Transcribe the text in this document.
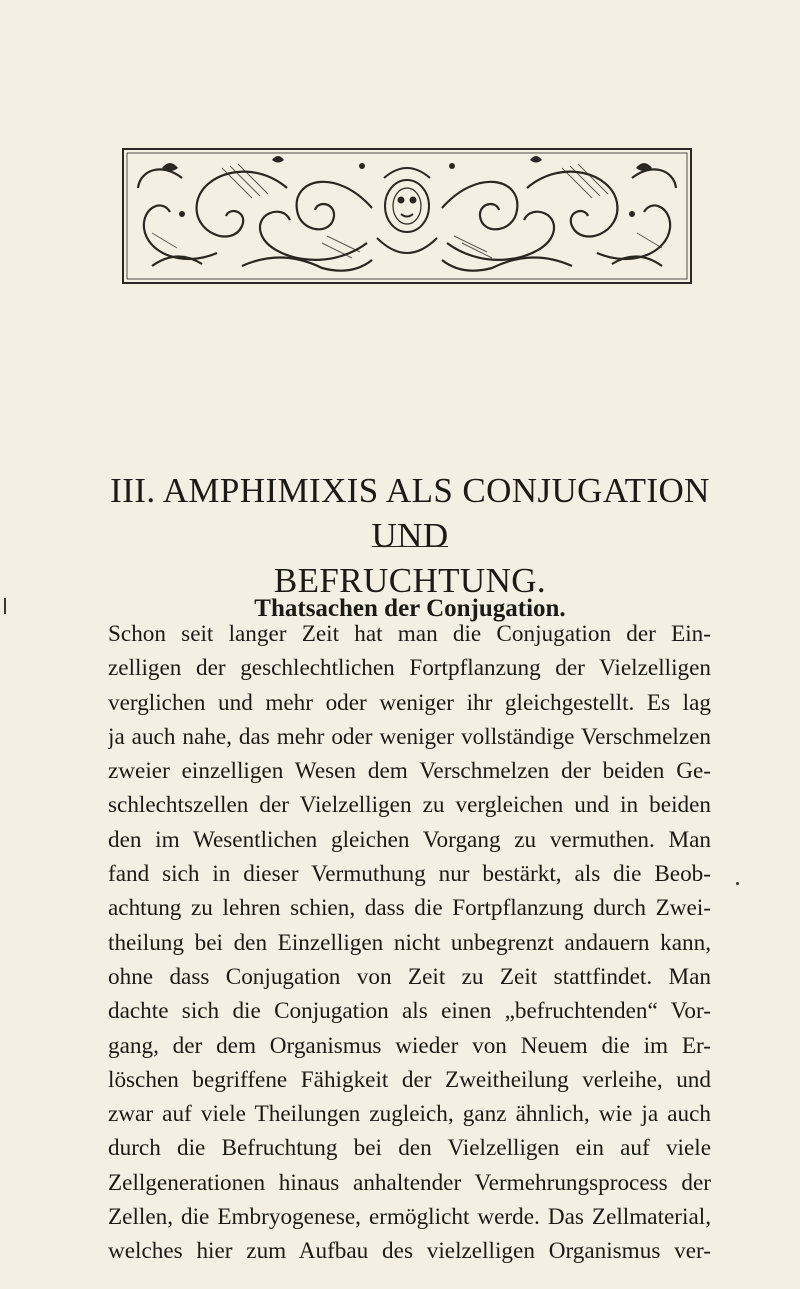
III. AMPHIMIXIS ALS CONJUGATION UND
BEFRUCHTUNG.
Thatsachen der Conjugation.
Schon seit langer Zeit hat man die Conjugation der Ein-
zelligen der geschlechtlichen Fortpflanzung der Vielzelligen
verglichen und mehr oder weniger ihr gleichgestellt. Es lag
ja auch nahe, das mehr oder weniger vollständige Verschmelzen
zweier einzelligen Wesen dem Verschmelzen der beiden Ge-
schlechtszellen der Vielzelligen zu vergleichen und in beiden
den im Wesentlichen gleichen Vorgang zu vermuthen. Man
fand sich in dieser Vermuthung nur bestärkt, als die Beob-
achtung zu lehren schien, dass die Fortpflanzung durch Zwei-
theilung bei den Einzelligen nicht unbegrenzt andauern kann,
ohne dass Conjugation von Zeit zu Zeit stattfindet. Man
dachte sich die Conjugation als einen „befruchtenden“ Vor-
gang, der dem Organismus wieder von Neuem die im Er-
löschen begriffene Fähigkeit der Zweitheilung verleihe, und
zwar auf viele Theilungen zugleich, ganz ähnlich, wie ja auch
durch die Befruchtung bei den Vielzelligen ein auf viele
Zellgenerationen hinaus anhaltender Vermehrungsprocess der
Zellen, die Embryogenese, ermöglicht werde. Das Zellmaterial,
welches hier zum Aufbau des vielzelligen Organismus ver-
